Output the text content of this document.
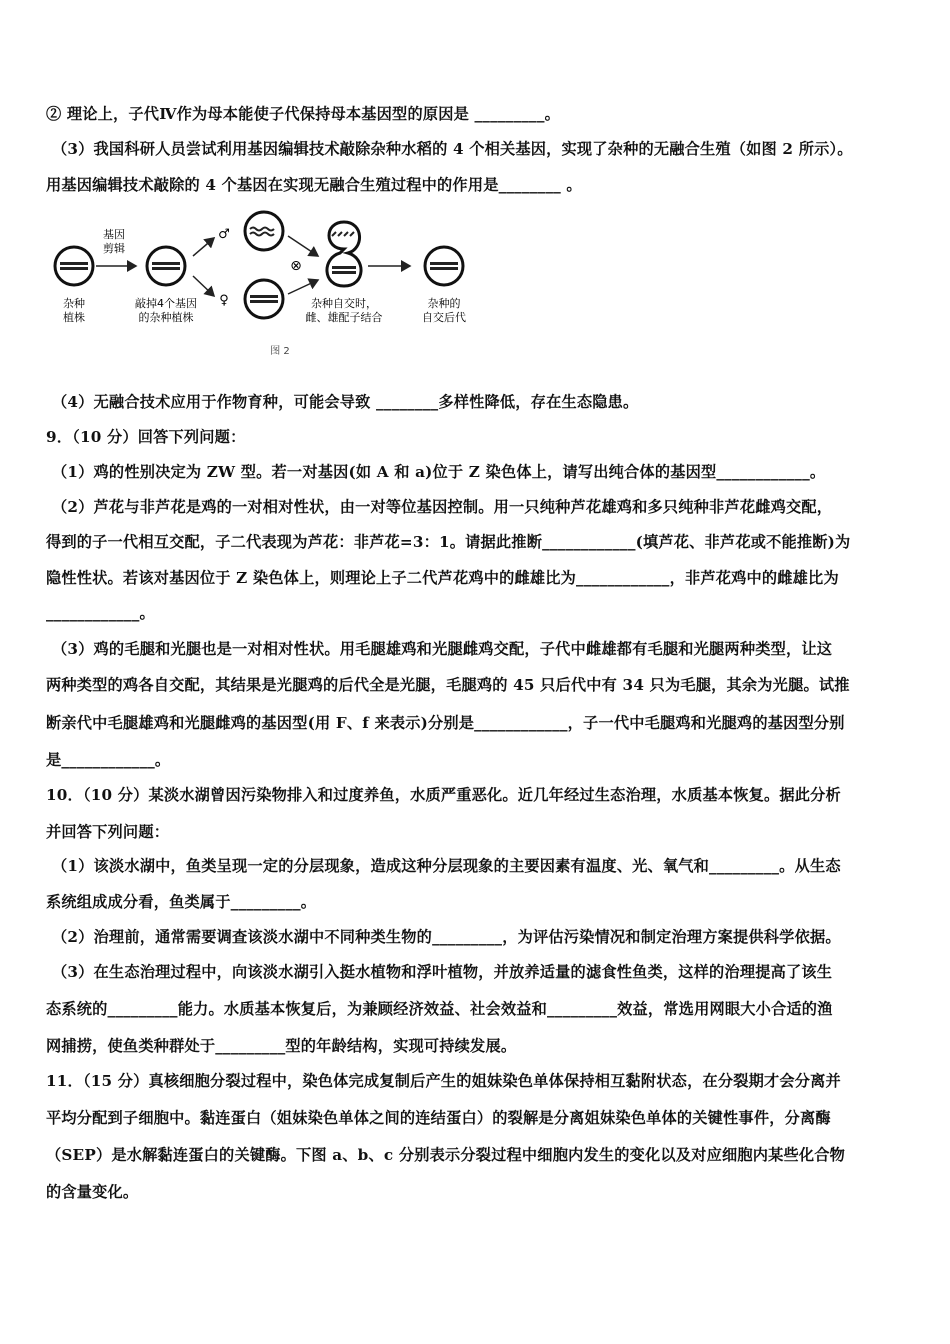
② 理论上，子代Ⅳ作为母本能使子代保持母本基因型的原因是 _________。
（3）我国科研人员尝试利用基因编辑技术敲除杂种水稻的 4 个相关基因，实现了杂种的无融合生殖（如图 2 所示）。
用基因编辑技术敲除的 4 个基因在实现无融合生殖过程中的作用是________ 。
杂种
植株
基因
剪辑
敲掉4个基因
的杂种植株
♂
⊗
♀	杂种自交时，
雌、雄配子结合
杂种的
自交后代
图 2
（4）无融合技术应用于作物育种，可能会导致 ________多样性降低，存在生态隐患。
9．（10 分）回答下列问题：
（1）鸡的性别决定为 ZW 型。若一对基因(如 A 和 a)位于 Z 染色体上，请写出纯合体的基因型____________。
（2）芦花与非芦花是鸡的一对相对性状，由一对等位基因控制。用一只纯种芦花雄鸡和多只纯种非芦花雌鸡交配，
得到的子一代相互交配，子二代表现为芦花：非芦花=3：1。请据此推断____________(填芦花、非芦花或不能推断)为
隐性性状。若该对基因位于 Z 染色体上，则理论上子二代芦花鸡中的雌雄比为____________，非芦花鸡中的雌雄比为
____________。
（3）鸡的毛腿和光腿也是一对相对性状。用毛腿雄鸡和光腿雌鸡交配，子代中雌雄都有毛腿和光腿两种类型，让这
两种类型的鸡各自交配，其结果是光腿鸡的后代全是光腿，毛腿鸡的 45 只后代中有 34 只为毛腿，其余为光腿。试推
断亲代中毛腿雄鸡和光腿雌鸡的基因型(用 F、f 来表示)分别是____________，子一代中毛腿鸡和光腿鸡的基因型分别
是____________。
10．（10 分）某淡水湖曾因污染物排入和过度养鱼，水质严重恶化。近几年经过生态治理，水质基本恢复。据此分析
并回答下列问题：
（1）该淡水湖中，鱼类呈现一定的分层现象，造成这种分层现象的主要因素有温度、光、氧气和_________。从生态
系统组成成分看，鱼类属于_________。
（2）治理前，通常需要调查该淡水湖中不同种类生物的_________，为评估污染情况和制定治理方案提供科学依据。
（3）在生态治理过程中，向该淡水湖引入挺水植物和浮叶植物，并放养适量的滤食性鱼类，这样的治理提高了该生
态系统的_________能力。水质基本恢复后，为兼顾经济效益、社会效益和_________效益，常选用网眼大小合适的渔
网捕捞，使鱼类种群处于_________型的年龄结构，实现可持续发展。
11．（15 分）真核细胞分裂过程中，染色体完成复制后产生的姐妹染色单体保持相互黏附状态，在分裂期才会分离并
平均分配到子细胞中。黏连蛋白（姐妹染色单体之间的连结蛋白）的裂解是分离姐妹染色单体的关键性事件，分离酶
（SEP）是水解黏连蛋白的关键酶。下图 a、b、c 分别表示分裂过程中细胞内发生的变化以及对应细胞内某些化合物
的含量变化。
